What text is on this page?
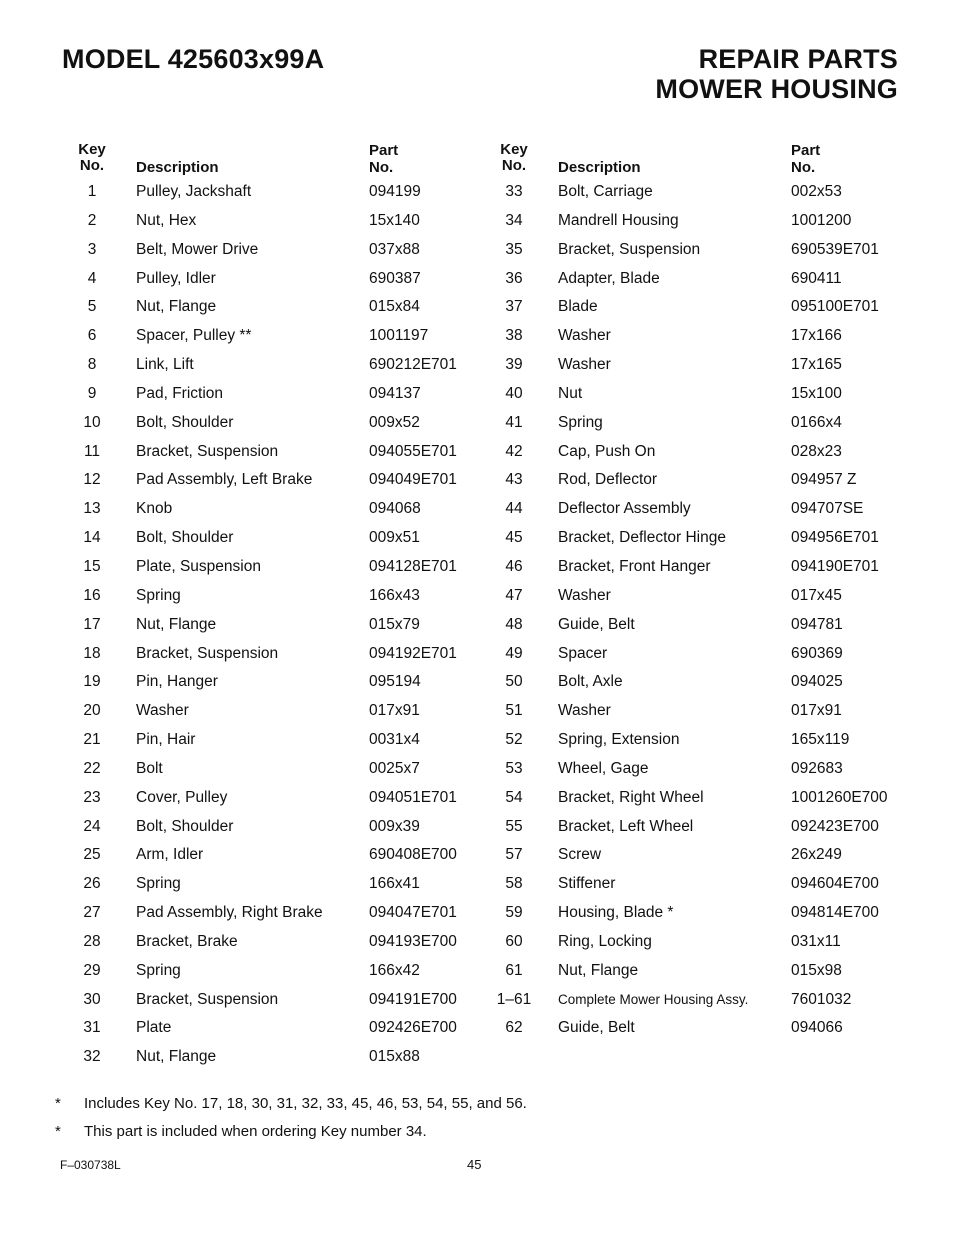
MODEL 425603x99A	REPAIR PARTS
MOWER HOUSING
Key
No.	Description
Part No.
1	Pulley, Jackshaft	094199
2	Nut, Hex	15x140
3	Belt, Mower Drive	037x88
4	Pulley, Idler	690387
5	Nut, Flange	015x84
6	Spacer, Pulley **	1001197
8	Link, Lift	690212E701
9	Pad, Friction	094137
10	Bolt, Shoulder	009x52
11	Bracket, Suspension	094055E701
12	Pad Assembly, Left Brake	094049E701
13	Knob	094068
14	Bolt, Shoulder	009x51
15	Plate, Suspension	094128E701
16	Spring	166x43
17	Nut, Flange	015x79
18	Bracket, Suspension	094192E701
19	Pin, Hanger	095194
20	Washer	017x91
21	Pin, Hair	0031x4
22	Bolt	0025x7
23	Cover, Pulley	094051E701
24	Bolt, Shoulder	009x39
25	Arm, Idler	690408E700
26	Spring	166x41
27	Pad Assembly, Right Brake	094047E701
28	Bracket, Brake	094193E700
29	Spring	166x42
30	Bracket, Suspension	094191E700
31	Plate	092426E700
32	Nut, Flange	015x88
Key
No.	Description
Part No.
33	Bolt, Carriage	002x53
34	Mandrell Housing	1001200
35	Bracket, Suspension	690539E701
36	Adapter, Blade	690411
37	Blade	095100E701
38	Washer	17x166
39	Washer	17x165
40	Nut	15x100
41	Spring	0166x4
42	Cap, Push On	028x23
43	Rod, Deflector	094957 Z
44	Deflector Assembly	094707SE
45	Bracket, Deflector Hinge	094956E701
46	Bracket, Front Hanger	094190E701
47	Washer	017x45
48	Guide, Belt	094781
49	Spacer	690369
50	Bolt, Axle	094025
51	Washer	017x91
52	Spring, Extension	165x119
53	Wheel, Gage	092683
54	Bracket, Right Wheel	1001260E700
55	Bracket, Left Wheel	092423E700
57	Screw	26x249
58	Stiffener	094604E700
59	Housing, Blade *	094814E700
60	Ring, Locking	031x11
61	Nut, Flange	015x98
1–61	Complete Mower Housing Assy.	7601032
62	Guide, Belt	094066
* Includes Key No. 17, 18, 30, 31, 32, 33, 45, 46, 53, 54, 55, and 56.
* This part is included when ordering Key number 34.
F–030738L	45
